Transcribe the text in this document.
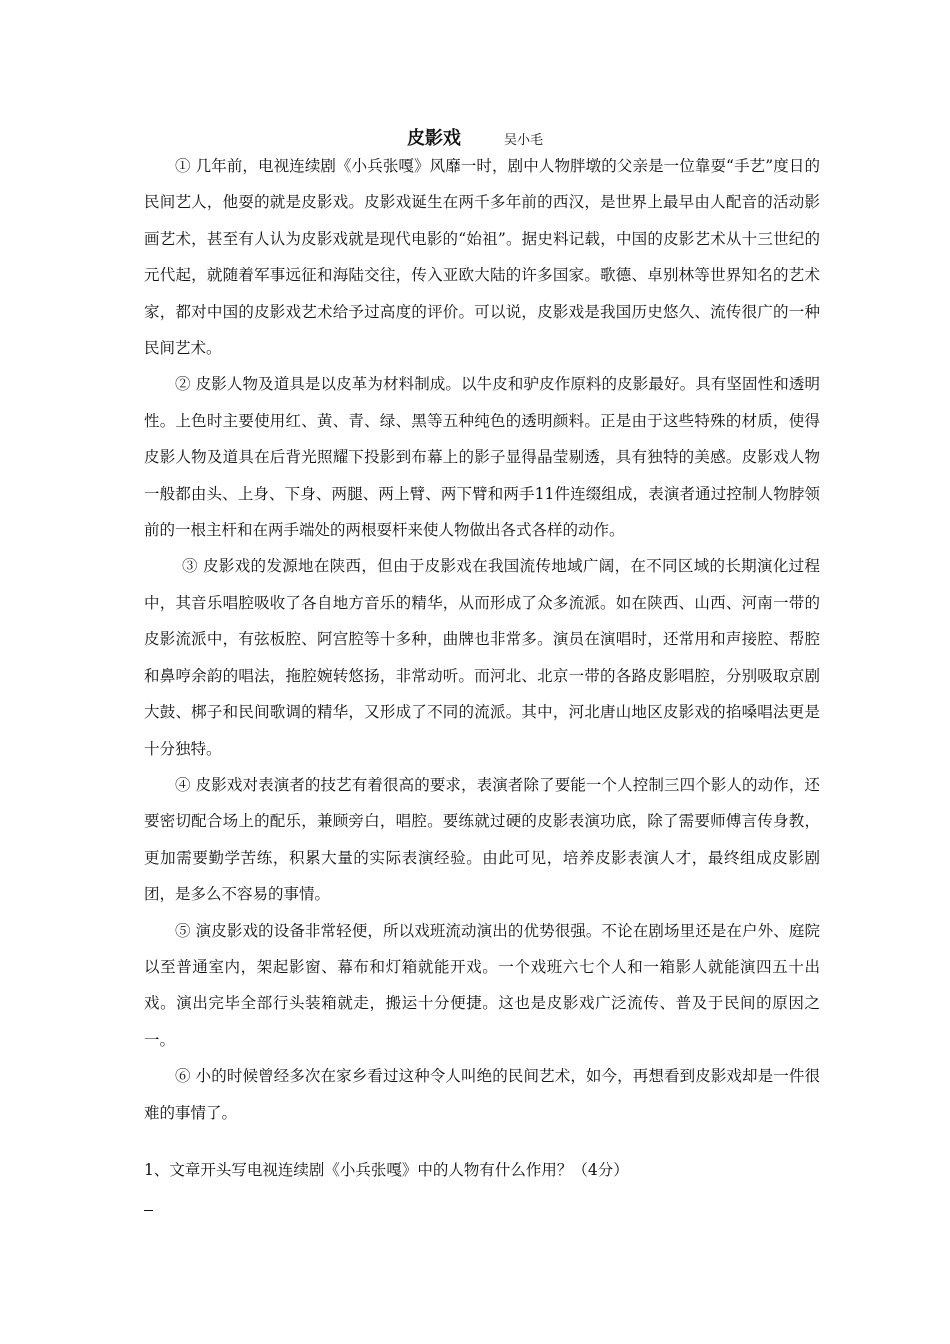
皮影戏	吴小毛

① 几年前，电视连续剧《小兵张嘎》风靡一时，剧中人物胖墩的父亲是一位靠耍“手艺”度日的民间艺人，他耍的就是皮影戏。皮影戏诞生在两千多年前的西汉，是世界上最早由人配音的活动影画艺术，甚至有人认为皮影戏就是现代电影的“始祖”。据史料记载，中国的皮影艺术从十三世纪的元代起，就随着军事远征和海陆交往，传入亚欧大陆的许多国家。歌德、卓别林等世界知名的艺术家，都对中国的皮影戏艺术给予过高度的评价。可以说，皮影戏是我国历史悠久、流传很广的一种民间艺术。

② 皮影人物及道具是以皮革为材料制成。以牛皮和驴皮作原料的皮影最好。具有坚固性和透明性。上色时主要使用红、黄、青、绿、黑等五种纯色的透明颜料。正是由于这些特殊的材质，使得皮影人物及道具在后背光照耀下投影到布幕上的影子显得晶莹剔透，具有独特的美感。皮影戏人物一般都由头、上身、下身、两腿、两上臂、两下臂和两手11件连缀组成，表演者通过控制人物脖领前的一根主杆和在两手端处的两根耍杆来使人物做出各式各样的动作。

③ 皮影戏的发源地在陕西，但由于皮影戏在我国流传地域广阔，在不同区域的长期演化过程中，其音乐唱腔吸收了各自地方音乐的精华，从而形成了众多流派。如在陕西、山西、河南一带的皮影流派中，有弦板腔、阿宫腔等十多种，曲牌也非常多。演员在演唱时，还常用和声接腔、帮腔和鼻哼余韵的唱法，拖腔婉转悠扬，非常动听。而河北、北京一带的各路皮影唱腔，分别吸取京剧大鼓、梆子和民间歌调的精华，又形成了不同的流派。其中，河北唐山地区皮影戏的掐嗓唱法更是十分独特。

④ 皮影戏对表演者的技艺有着很高的要求，表演者除了要能一个人控制三四个影人的动作，还要密切配合场上的配乐，兼顾旁白，唱腔。要练就过硬的皮影表演功底，除了需要师傅言传身教，更加需要勤学苦练，积累大量的实际表演经验。由此可见，培养皮影表演人才，最终组成皮影剧团，是多么不容易的事情。

⑤ 演皮影戏的设备非常轻便，所以戏班流动演出的优势很强。不论在剧场里还是在户外、庭院以至普通室内，架起影窗、幕布和灯箱就能开戏。一个戏班六七个人和一箱影人就能演四五十出戏。演出完毕全部行头装箱就走，搬运十分便捷。这也是皮影戏广泛流传、普及于民间的原因之一。

⑥ 小的时候曾经多次在家乡看过这种令人叫绝的民间艺术，如今，再想看到皮影戏却是一件很难的事情了。

1、文章开头写电视连续剧《小兵张嘎》中的人物有什么作用？（4分）
